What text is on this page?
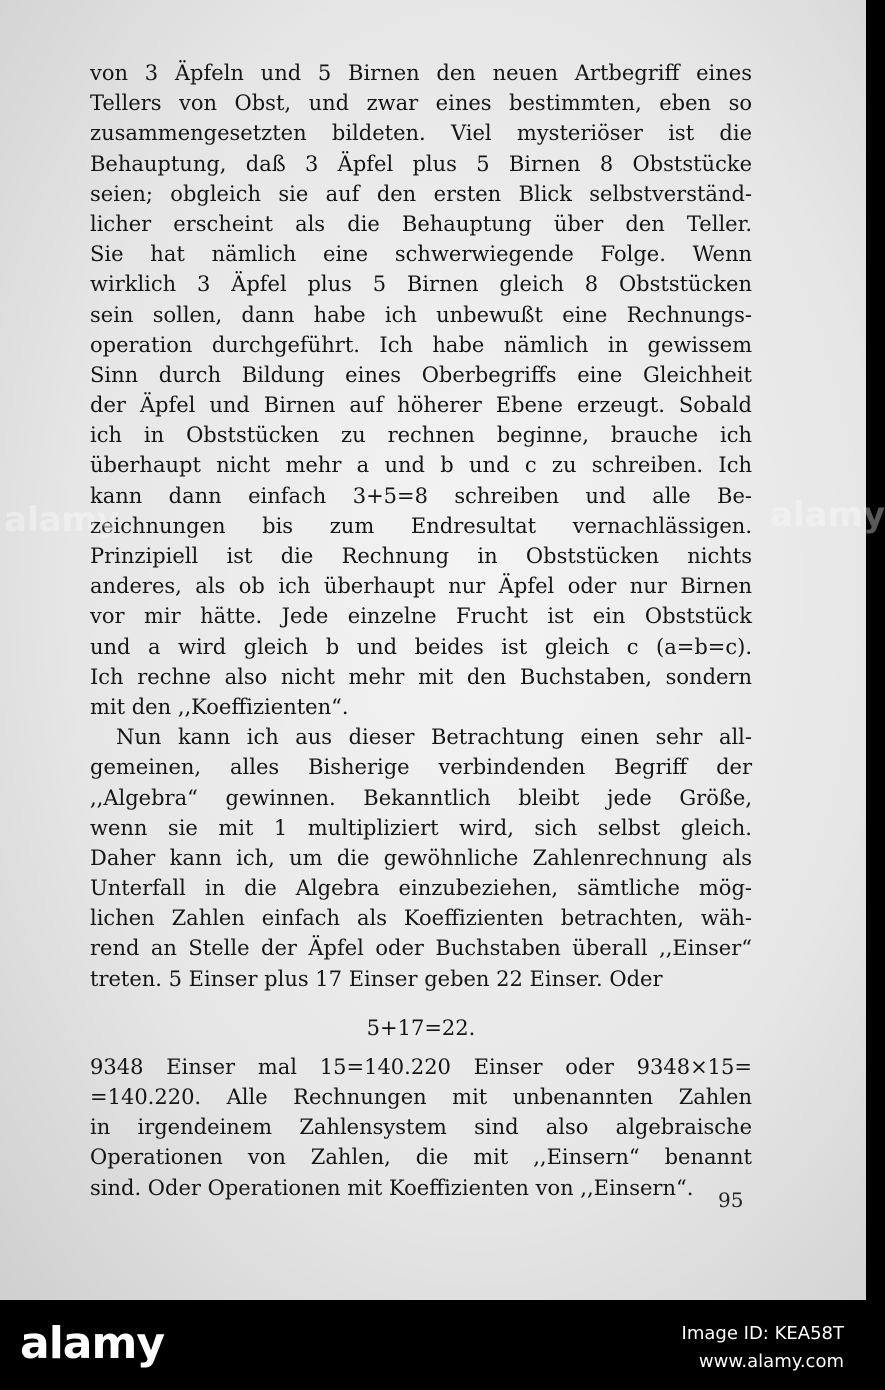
von 3 Äpfeln und 5 Birnen den neuen Artbegriff eines
Tellers von Obst, und zwar eines bestimmten, eben so
zusammengesetzten bildeten. Viel mysteriöser ist die
Behauptung, daß 3 Äpfel plus 5 Birnen 8 Obststücke
seien; obgleich sie auf den ersten Blick selbstverständ-
licher erscheint als die Behauptung über den Teller.
Sie hat nämlich eine schwerwiegende Folge. Wenn
wirklich 3 Äpfel plus 5 Birnen gleich 8 Obststücken
sein sollen, dann habe ich unbewußt eine Rechnungs-
operation durchgeführt. Ich habe nämlich in gewissem
Sinn durch Bildung eines Oberbegriffs eine Gleichheit
der Äpfel und Birnen auf höherer Ebene erzeugt. Sobald
ich in Obststücken zu rechnen beginne, brauche ich
überhaupt nicht mehr a und b und c zu schreiben. Ich
kann dann einfach 3+5=8 schreiben und alle Be-
zeichnungen bis zum Endresultat vernachlässigen.
Prinzipiell ist die Rechnung in Obststücken nichts
anderes, als ob ich überhaupt nur Äpfel oder nur Birnen
vor mir hätte. Jede einzelne Frucht ist ein Obststück
und a wird gleich b und beides ist gleich c (a=b=c).
Ich rechne also nicht mehr mit den Buchstaben, sondern
mit den ,,Koeffizienten“.
Nun kann ich aus dieser Betrachtung einen sehr all-
gemeinen, alles Bisherige verbindenden Begriff der
,,Algebra“ gewinnen. Bekanntlich bleibt jede Größe,
wenn sie mit 1 multipliziert wird, sich selbst gleich.
Daher kann ich, um die gewöhnliche Zahlenrechnung als
Unterfall in die Algebra einzubeziehen, sämtliche mög-
lichen Zahlen einfach als Koeffizienten betrachten, wäh-
rend an Stelle der Äpfel oder Buchstaben überall ,,Einser“
treten. 5 Einser plus 17 Einser geben 22 Einser. Oder
5+17=22.
9348 Einser mal 15=140.220 Einser oder 9348×15=
=140.220. Alle Rechnungen mit unbenannten Zahlen
in irgendeinem Zahlensystem sind also algebraische
Operationen von Zahlen, die mit ,,Einsern“ benannt
sind. Oder Operationen mit Koeffizienten von ,,Einsern“.
95
alamy	alamy
alamy	Image ID: KEA58T
www.alamy.com
